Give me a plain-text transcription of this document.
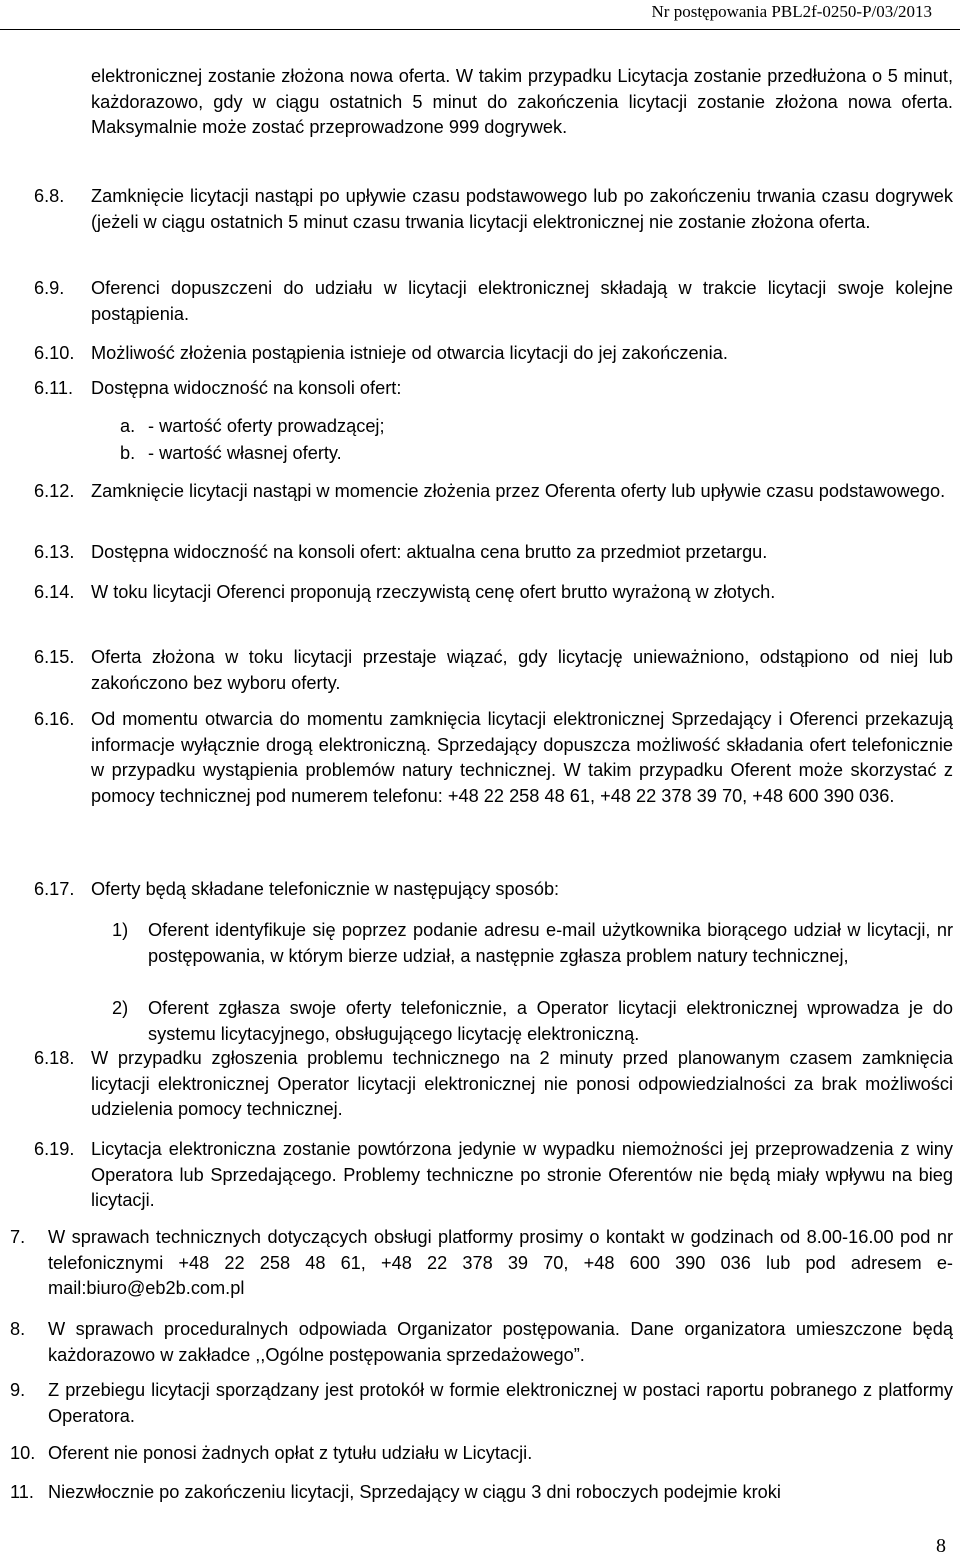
Nr postępowania PBL2f-0250-P/03/2013
elektronicznej zostanie złożona nowa oferta. W takim przypadku Licytacja zostanie przedłużona o 5 minut, każdorazowo, gdy w ciągu ostatnich 5 minut do zakończenia licytacji zostanie złożona nowa oferta. Maksymalnie może zostać przeprowadzone 999 dogrywek.
6.8. Zamknięcie licytacji nastąpi po upływie czasu podstawowego lub po zakończeniu trwania czasu dogrywek (jeżeli w ciągu ostatnich 5 minut czasu trwania licytacji elektronicznej nie zostanie złożona oferta.
6.9. Oferenci dopuszczeni do udziału w licytacji elektronicznej składają w trakcie licytacji swoje kolejne postąpienia.
6.10. Możliwość złożenia postąpienia istnieje od otwarcia licytacji do jej zakończenia.
6.11. Dostępna widoczność na konsoli ofert:
a. - wartość oferty prowadzącej;
b. - wartość własnej oferty.
6.12. Zamknięcie licytacji nastąpi w momencie złożenia przez Oferenta oferty lub upływie czasu podstawowego.
6.13. Dostępna widoczność na konsoli ofert: aktualna cena brutto za przedmiot przetargu.
6.14. W toku licytacji Oferenci proponują rzeczywistą cenę ofert brutto wyrażoną w złotych.
6.15. Oferta złożona w toku licytacji przestaje wiązać, gdy licytację unieważniono, odstąpiono od niej lub zakończono bez wyboru oferty.
6.16. Od momentu otwarcia do momentu zamknięcia licytacji elektronicznej Sprzedający i Oferenci przekazują informacje wyłącznie drogą elektroniczną. Sprzedający dopuszcza możliwość składania ofert telefonicznie w przypadku wystąpienia problemów natury technicznej. W takim przypadku Oferent może skorzystać z pomocy technicznej pod numerem telefonu: +48 22 258 48 61, +48 22 378 39 70, +48 600 390 036.
6.17. Oferty będą składane telefonicznie w następujący sposób:
1) Oferent identyfikuje się poprzez podanie adresu e-mail użytkownika biorącego udział w licytacji, nr postępowania, w którym bierze udział, a następnie zgłasza problem natury technicznej,
2) Oferent zgłasza swoje oferty telefonicznie, a Operator licytacji elektronicznej wprowadza je do systemu licytacyjnego, obsługującego licytację elektroniczną.
6.18. W przypadku zgłoszenia problemu technicznego na 2 minuty przed planowanym czasem zamknięcia licytacji elektronicznej Operator licytacji elektronicznej nie ponosi odpowiedzialności za brak możliwości udzielenia pomocy technicznej.
6.19. Licytacja elektroniczna zostanie powtórzona jedynie w wypadku niemożności jej przeprowadzenia z winy Operatora lub Sprzedającego. Problemy techniczne po stronie Oferentów nie będą miały wpływu na bieg licytacji.
7. W sprawach technicznych dotyczących obsługi platformy prosimy o kontakt w godzinach od 8.00-16.00 pod nr telefonicznymi +48 22 258 48 61, +48 22 378 39 70, +48 600 390 036 lub pod adresem e-mail:biuro@eb2b.com.pl
8. W sprawach proceduralnych odpowiada Organizator postępowania. Dane organizatora umieszczone będą każdorazowo w zakładce ,,Ogólne postępowania sprzedażowego”.
9. Z przebiegu licytacji sporządzany jest protokół w formie elektronicznej w postaci raportu pobranego z platformy Operatora.
10. Oferent nie ponosi żadnych opłat z tytułu udziału w Licytacji.
11. Niezwłocznie po zakończeniu licytacji, Sprzedający w ciągu 3 dni roboczych podejmie kroki
8
